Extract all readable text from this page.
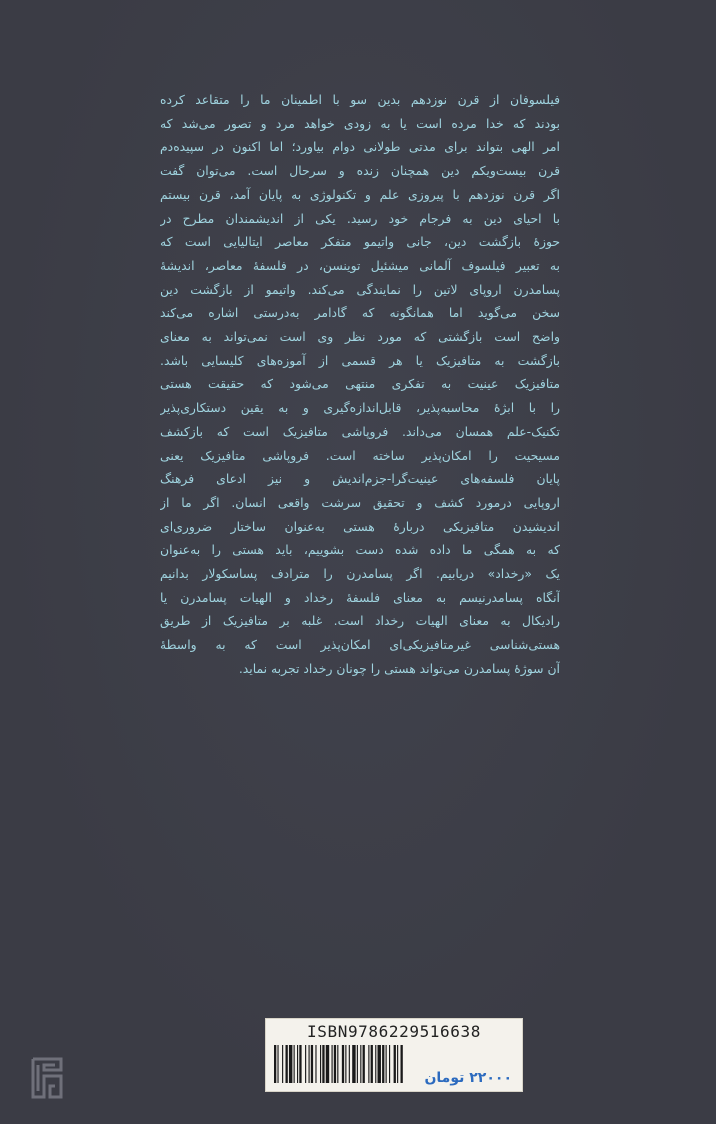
فیلسوفان از قرن نوزدهم بدین سو با اطمینان ما را متقاعد کرده
بودند که خدا مرده است یا به زودی خواهد مرد و تصور می‌شد که
امر الهی بتواند برای مدتی طولانی دوام بیاورد؛ اما اکنون در سپیده‌دم
قرن بیست‌ویکم دین همچنان زنده و سرحال است. می‌توان گفت
اگر قرن نوزدهم با پیروزی علم و تکنولوژی به پایان آمد، قرن بیستم
با احیای دین به فرجام خود رسید. یکی از اندیشمندان مطرح در
حوزهٔ بازگشت دین، جانی واتیمو متفکر معاصر ایتالیایی است که
به تعبیر فیلسوف آلمانی میشئیل توینسن، در فلسفهٔ معاصر، اندیشهٔ
پسامدرن اروپای لاتین را نمایندگی می‌کند. واتیمو از بازگشت دین
سخن می‌گوید اما همانگونه که گادامر به‌درستی اشاره می‌کند
واضح است بازگشتی که مورد نظر وی است نمی‌تواند به معنای
بازگشت به متافیزیک یا هر قسمی از آموزه‌های کلیسایی باشد.
متافیزیک عینیت به تفکری منتهی می‌شود که حقیقت هستی
را با ابژهٔ محاسبه‌پذیر، قابل‌اندازه‌گیری و به یقین دستکاری‌پذیر
تکنیک-علم همسان می‌داند. فروپاشی متافیزیک است که بازکشف
مسیحیت را امکان‌پذیر ساخته است. فروپاشی متافیزیک یعنی
پایان فلسفه‌های عینیت‌گرا-جزم‌اندیش و نیز ادعای فرهنگ
اروپایی درمورد کشف و تحقیق سرشت واقعی انسان. اگر ما از
اندیشیدن متافیزیکی دربارهٔ هستی به‌عنوان ساختار ضروری‌ای
که به همگی ما داده شده دست بشوییم، باید هستی را به‌عنوان
یک «رخداد» دریابیم. اگر پسامدرن را مترادف پساسکولار بدانیم
آنگاه پسامدرنیسم به معنای فلسفهٔ رخداد و الهیات پسامدرن یا
رادیکال به معنای الهیات رخداد است. غلبه بر متافیزیک از طریق
هستی‌شناسی غیرمتافیزیکی‌ای امکان‌پذیر است که به واسطهٔ
آن سوژهٔ پسامدرن می‌تواند هستی را چونان رخداد تجربه نماید.
ISBN9786229516638
۲۲۰۰۰ تومان
